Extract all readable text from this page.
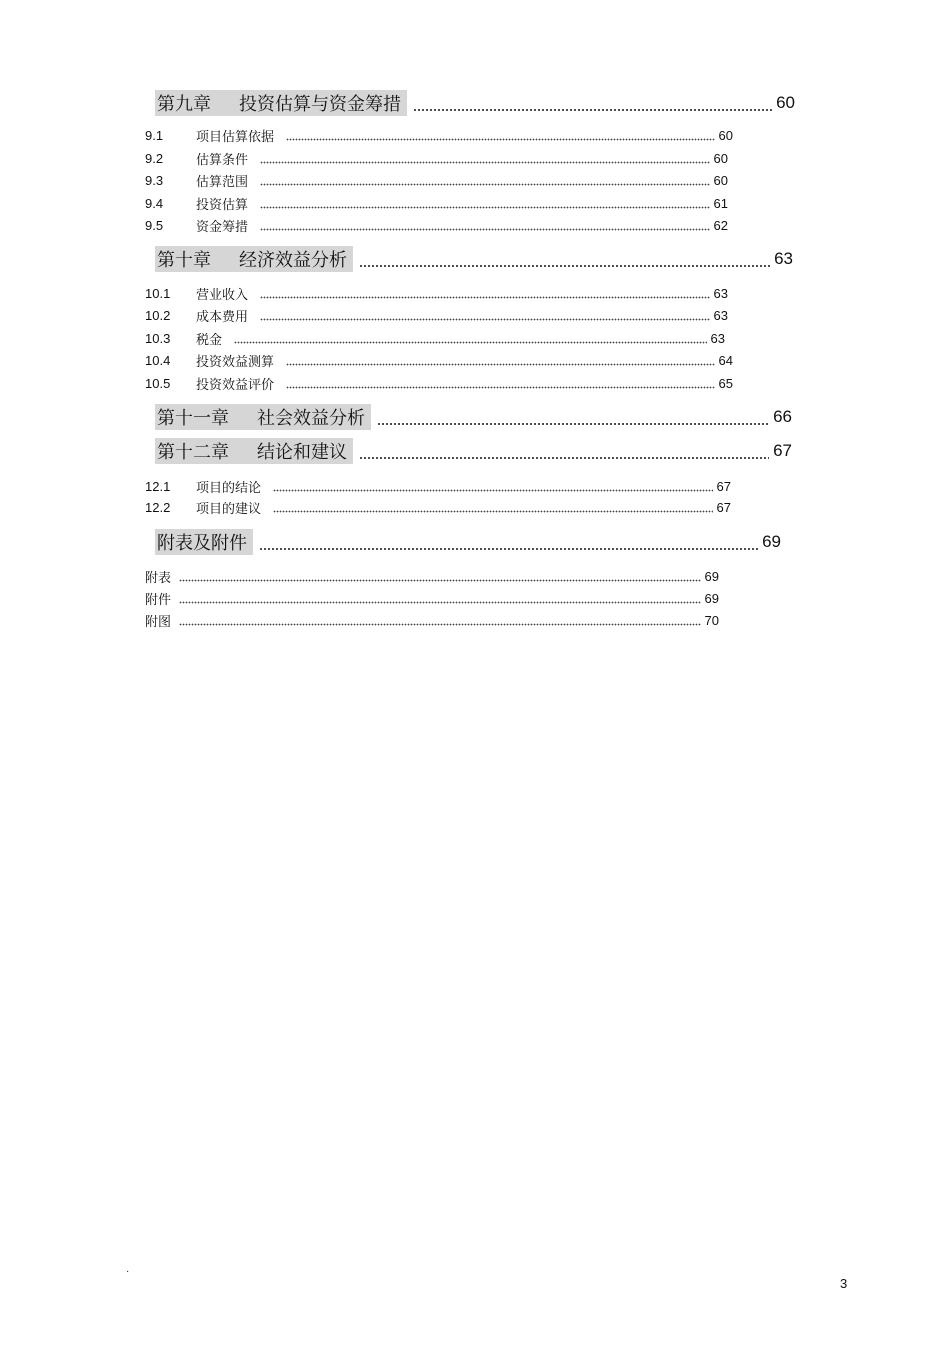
第九章 投资估算与资金筹措	60
9.1	项目估算依据	60
9.2	估算条件	60
9.3	估算范围	60
9.4	投资估算	61
9.5	资金筹措	62
第十章 经济效益分析	63
10.1	营业收入	63
10.2	成本费用	63
10.3	税金	63
10.4	投资效益测算	64
10.5	投资效益评价	65
第十一章 社会效益分析	66
第十二章 结论和建议	67
12.1	项目的结论	67
12.2	项目的建议	67
附表及附件	69
附表	69
附件	69
附图	70
·
3
